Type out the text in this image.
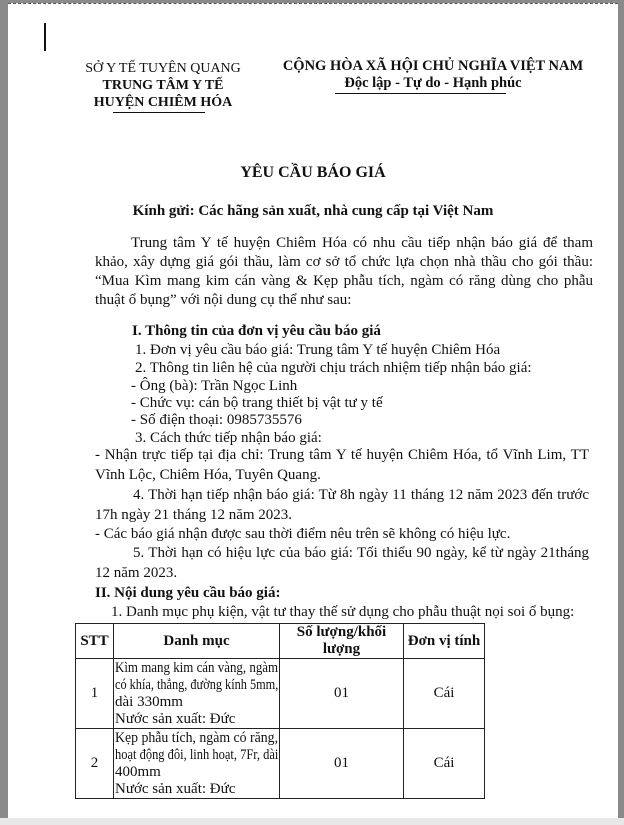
SỞ Y TẾ TUYÊN QUANG
TRUNG TÂM Y TẾ
HUYỆN CHIÊM HÓA
CỘNG HÒA XÃ HỘI CHỦ NGHĨA VIỆT NAM
Độc lập - Tự do - Hạnh phúc
YÊU CẦU BÁO GIÁ
Kính gửi: Các hãng sản xuất, nhà cung cấp tại Việt Nam
Trung tâm Y tế huyện Chiêm Hóa có nhu cầu tiếp nhận báo giá để tham
khảo, xây dựng giá gói thầu, làm cơ sở tổ chức lựa chọn nhà thầu cho gói thầu:
“Mua Kìm mang kim cán vàng & Kẹp phẫu tích, ngàm có răng dùng cho phẫu
thuật ổ bụng” với nội dung cụ thể như sau:
I. Thông tin của đơn vị yêu cầu báo giá
1. Đơn vị yêu cầu báo giá: Trung tâm Y tế huyện Chiêm Hóa
2. Thông tin liên hệ của người chịu trách nhiệm tiếp nhận báo giá:
- Ông (bà): Trần Ngọc Linh
- Chức vụ: cán bộ trang thiết bị vật tư y tế
- Số điện thoại: 0985735576
3. Cách thức tiếp nhận báo giá:
- Nhận trực tiếp tại địa chỉ: Trung tâm Y tế huyện Chiêm Hóa, tổ Vĩnh Lim, TT
Vĩnh Lộc, Chiêm Hóa, Tuyên Quang.
4. Thời hạn tiếp nhận báo giá: Từ 8h ngày 11 tháng 12 năm 2023 đến trước
17h ngày 21 tháng 12 năm 2023.
- Các báo giá nhận được sau thời điểm nêu trên sẽ không có hiệu lực.
5. Thời hạn có hiệu lực của báo giá: Tối thiểu 90 ngày, kể từ ngày 21tháng
12 năm 2023.
II. Nội dung yêu cầu báo giá:
1. Danh mục phụ kiện, vật tư thay thế sử dụng cho phẫu thuật nọi soi ổ bụng:
STT	Danh mục	Số lượng/khối lượng	Đơn vị tính
1	Kìm mang kim cán vàng, ngàm
có khía, thẳng, đường kính 5mm,
dài 330mm
Nước sản xuất: Đức	01	Cái
2	Kẹp phẫu tích, ngàm có răng,
hoạt động đôi, linh hoạt, 7Fr, dài
400mm
Nước sản xuất: Đức	01	Cái
